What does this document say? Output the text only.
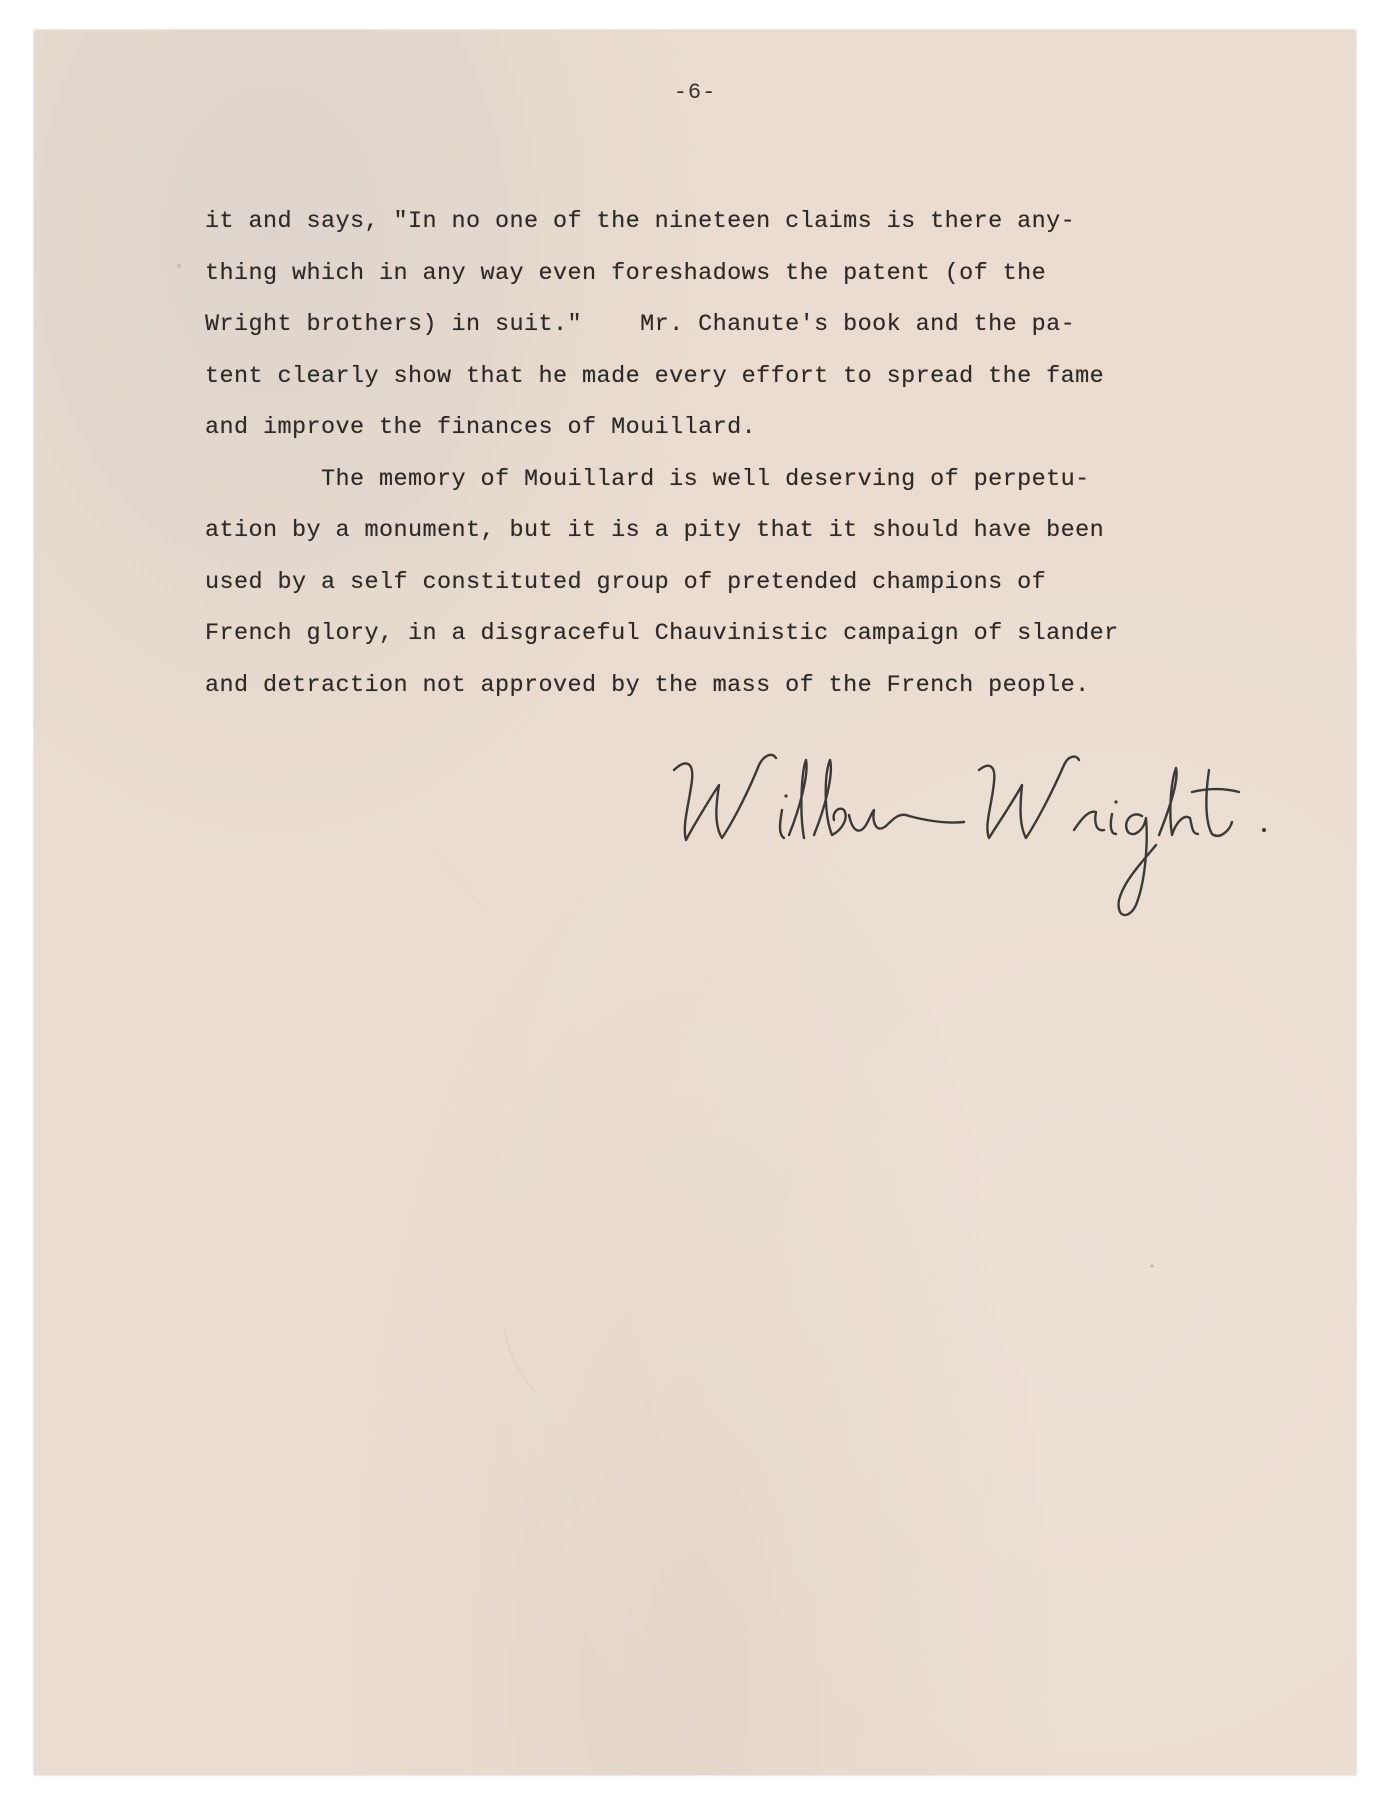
-6-
it and says, "In no one of the nineteen claims is there any-
thing which in any way even foreshadows the patent (of the
Wright brothers) in suit."    Mr. Chanute's book and the pa-
tent clearly show that he made every effort to spread the fame
and improve the finances of Mouillard.
The memory of Mouillard is well deserving of perpetu-
ation by a monument, but it is a pity that it should have been
used by a self constituted group of pretended champions of
French glory, in a disgraceful Chauvinistic campaign of slander
and detraction not approved by the mass of the French people.
